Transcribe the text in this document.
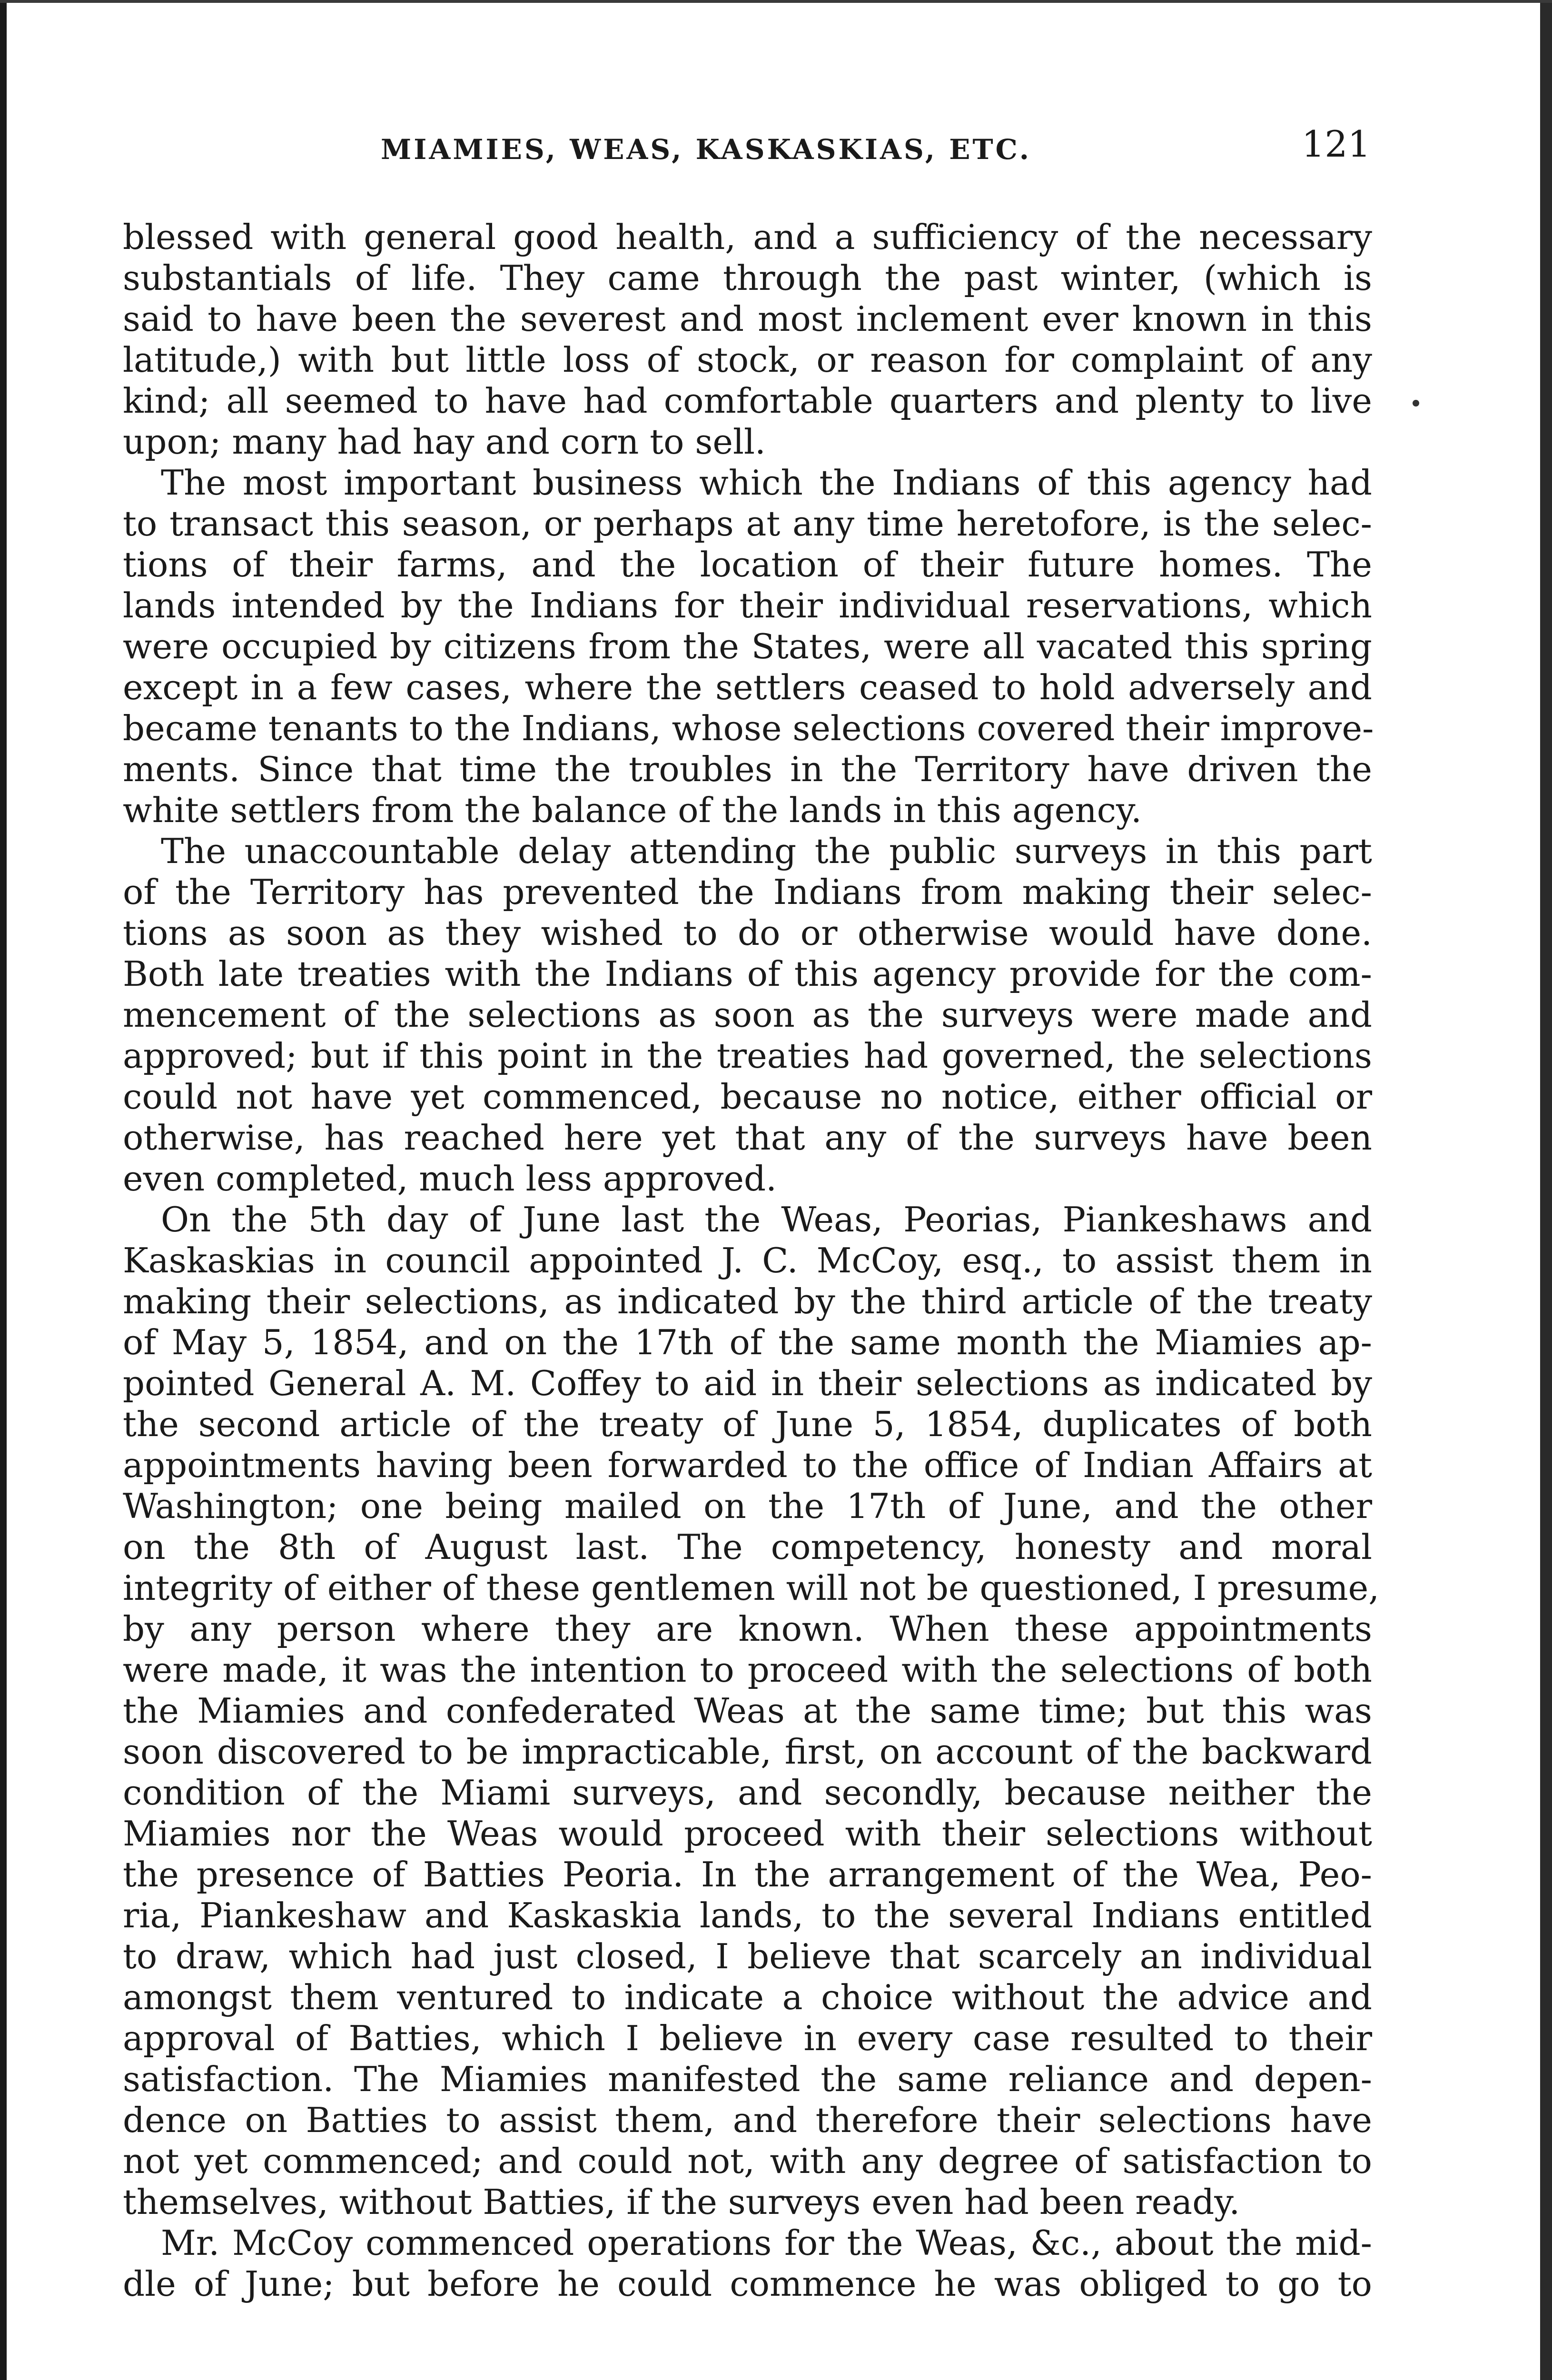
MIAMIES, WEAS, KASKASKIAS, ETC.	121
blessed with general good health, and a sufficiency of the necessary
substantials of life. They came through the past winter, (which is
said to have been the severest and most inclement ever known in this
latitude,) with but little loss of stock, or reason for complaint of any
kind; all seemed to have had comfortable quarters and plenty to live
upon; many had hay and corn to sell.
The most important business which the Indians of this agency had
to transact this season, or perhaps at any time heretofore, is the selec-
tions of their farms, and the location of their future homes. The
lands intended by the Indians for their individual reservations, which
were occupied by citizens from the States, were all vacated this spring
except in a few cases, where the settlers ceased to hold adversely and
became tenants to the Indians, whose selections covered their improve-
ments. Since that time the troubles in the Territory have driven the
white settlers from the balance of the lands in this agency.
The unaccountable delay attending the public surveys in this part
of the Territory has prevented the Indians from making their selec-
tions as soon as they wished to do or otherwise would have done.
Both late treaties with the Indians of this agency provide for the com-
mencement of the selections as soon as the surveys were made and
approved; but if this point in the treaties had governed, the selections
could not have yet commenced, because no notice, either official or
otherwise, has reached here yet that any of the surveys have been
even completed, much less approved.
On the 5th day of June last the Weas, Peorias, Piankeshaws and
Kaskaskias in council appointed J. C. McCoy, esq., to assist them in
making their selections, as indicated by the third article of the treaty
of May 5, 1854, and on the 17th of the same month the Miamies ap-
pointed General A. M. Coffey to aid in their selections as indicated by
the second article of the treaty of June 5, 1854, duplicates of both
appointments having been forwarded to the office of Indian Affairs at
Washington; one being mailed on the 17th of June, and the other
on the 8th of August last. The competency, honesty and moral
integrity of either of these gentlemen will not be questioned, I presume,
by any person where they are known. When these appointments
were made, it was the intention to proceed with the selections of both
the Miamies and confederated Weas at the same time; but this was
soon discovered to be impracticable, first, on account of the backward
condition of the Miami surveys, and secondly, because neither the
Miamies nor the Weas would proceed with their selections without
the presence of Batties Peoria. In the arrangement of the Wea, Peo-
ria, Piankeshaw and Kaskaskia lands, to the several Indians entitled
to draw, which had just closed, I believe that scarcely an individual
amongst them ventured to indicate a choice without the advice and
approval of Batties, which I believe in every case resulted to their
satisfaction. The Miamies manifested the same reliance and depen-
dence on Batties to assist them, and therefore their selections have
not yet commenced; and could not, with any degree of satisfaction to
themselves, without Batties, if the surveys even had been ready.
Mr. McCoy commenced operations for the Weas, &c., about the mid-
dle of June; but before he could commence he was obliged to go to
